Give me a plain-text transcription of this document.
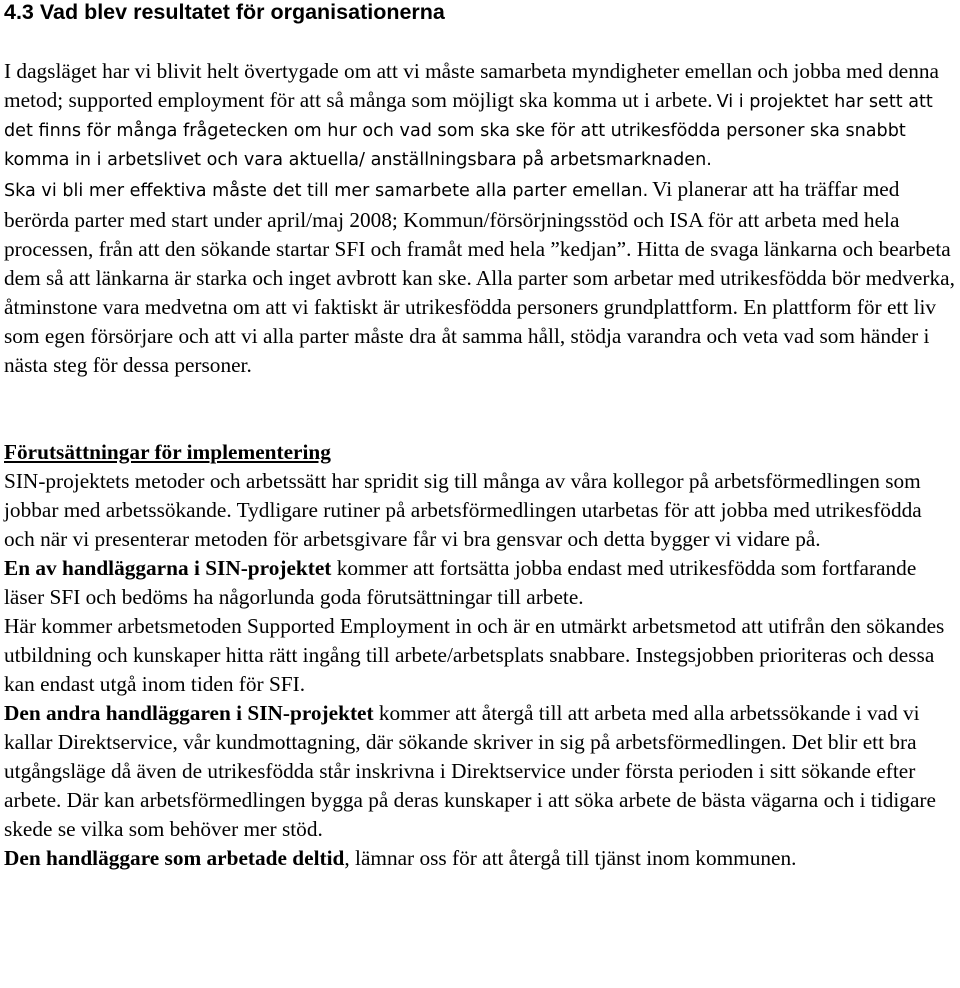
4.3 Vad blev resultatet för organisationerna

I dagsläget har vi blivit helt övertygade om att vi måste samarbeta myndigheter emellan och jobba med denna metod; supported employment för att så många som möjligt ska komma ut i arbete. Vi i projektet har sett att det finns för många frågetecken om hur och vad som ska ske för att utrikesfödda personer ska snabbt komma in i arbetslivet och vara aktuella/ anställningsbara på arbetsmarknaden.
Ska vi bli mer effektiva måste det till mer samarbete alla parter emellan. Vi planerar att ha träffar med berörda parter med start under april/maj 2008; Kommun/försörjningsstöd och ISA för att arbeta med hela processen, från att den sökande startar SFI och framåt med hela ”kedjan”. Hitta de svaga länkarna och bearbeta dem så att länkarna är starka och inget avbrott kan ske. Alla parter som arbetar med utrikesfödda bör medverka, åtminstone vara medvetna om att vi faktiskt är utrikesfödda personers grundplattform. En plattform för ett liv som egen försörjare och att vi alla parter måste dra åt samma håll, stödja varandra och veta vad som händer i nästa steg för dessa personer.

Förutsättningar för implementering

SIN-projektets metoder och arbetssätt har spridit sig till många av våra kollegor på arbetsförmedlingen som jobbar med arbetssökande. Tydligare rutiner på arbetsförmedlingen utarbetas för att jobba med utrikesfödda och när vi presenterar metoden för arbetsgivare får vi bra gensvar och detta bygger vi vidare på.

En av handläggarna i SIN-projektet kommer att fortsätta jobba endast med utrikesfödda som fortfarande läser SFI och bedöms ha någorlunda goda förutsättningar till arbete.

Här kommer arbetsmetoden Supported Employment in och är en utmärkt arbetsmetod att utifrån den sökandes utbildning och kunskaper hitta rätt ingång till arbete/arbetsplats snabbare. Instegsjobben prioriteras och dessa kan endast utgå inom tiden för SFI.

Den andra handläggaren i SIN-projektet kommer att återgå till att arbeta med alla arbetssökande i vad vi kallar Direktservice, vår kundmottagning, där sökande skriver in sig på arbetsförmedlingen. Det blir ett bra utgångsläge då även de utrikesfödda står inskrivna i Direktservice under första perioden i sitt sökande efter arbete. Där kan arbetsförmedlingen bygga på deras kunskaper i att söka arbete de bästa vägarna och i tidigare skede se vilka som behöver mer stöd.

Den handläggare som arbetade deltid, lämnar oss för att återgå till tjänst inom kommunen.
